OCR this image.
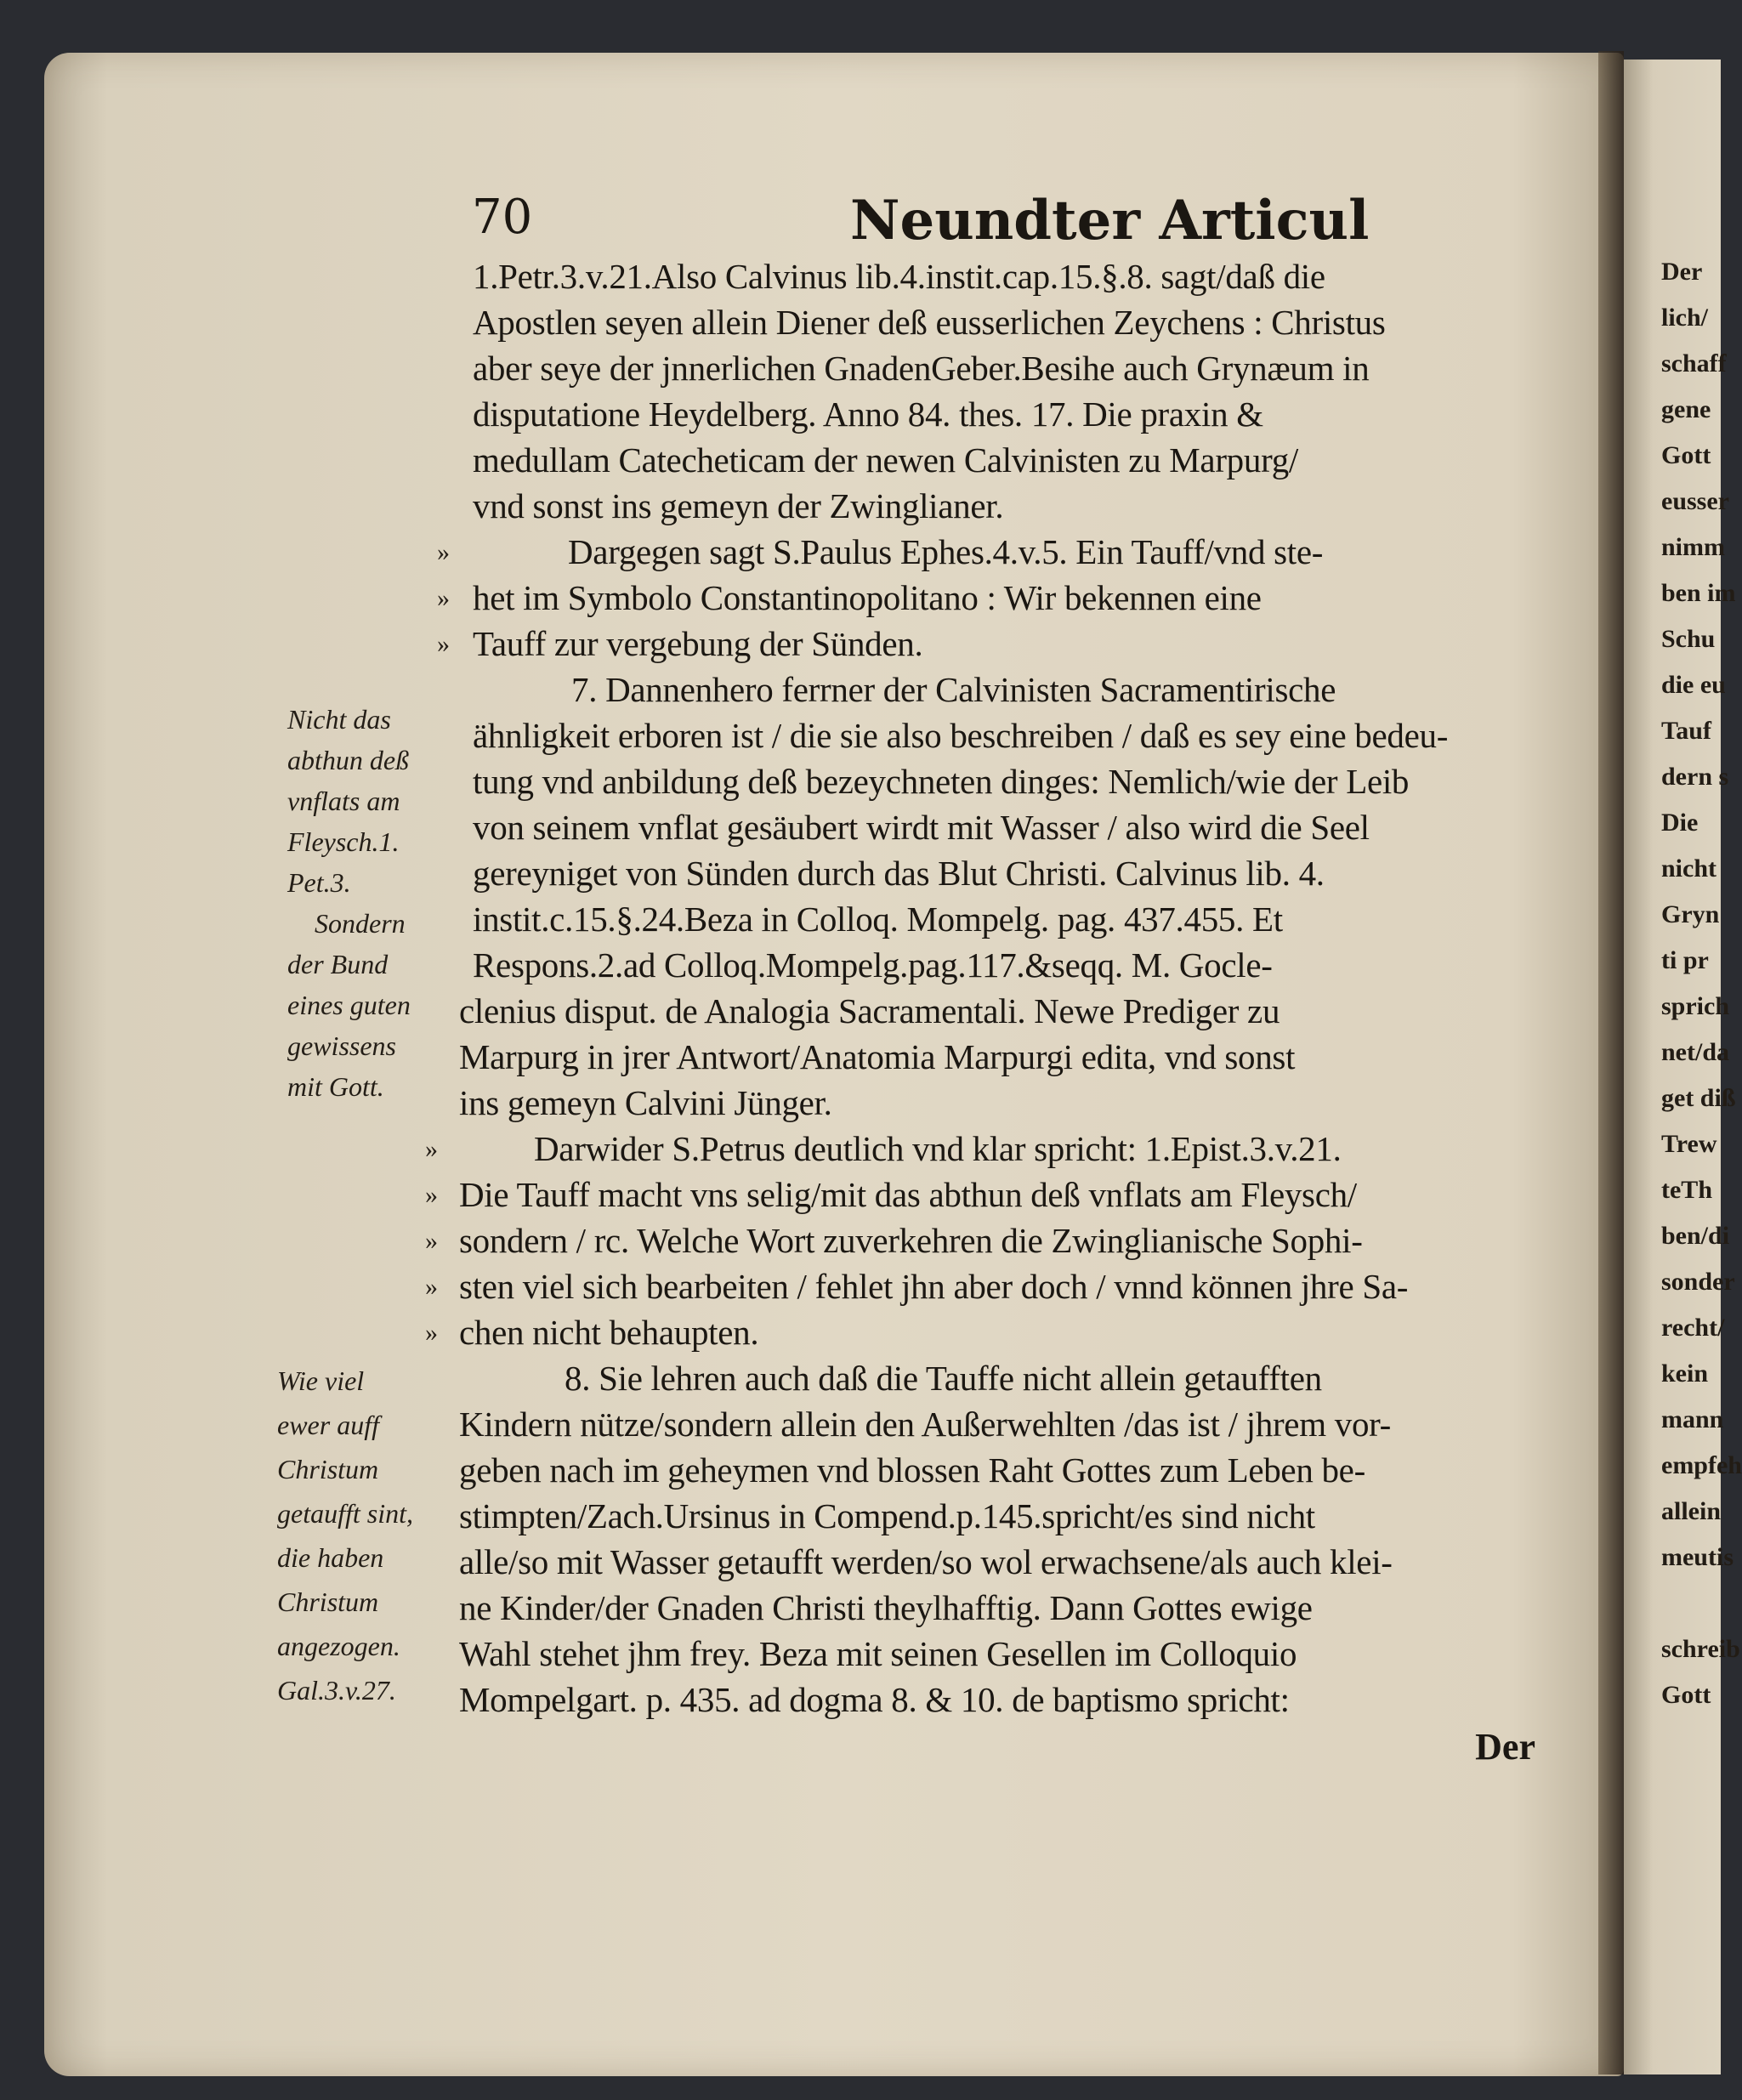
70	Neundter Articul
1.Petr.3.v.21.Also Calvinus lib.4.instit.cap.15.§.8. sagt/daß die
Apostlen seyen allein Diener deß eusserlichen Zeychens : Christus
aber seye der jnnerlichen GnadenGeber.Besihe auch Grynæum in
disputatione Heydelberg. Anno 84. thes. 17. Die praxin &
medullam Catecheticam der newen Calvinisten zu Marpurg/
vnd sonst ins gemeyn der Zwinglianer.
Dargegen sagt S.Paulus Ephes.4.v.5. Ein Tauff/vnd ste-
het im Symbolo Constantinopolitano : Wir bekennen eine
Tauff zur vergebung der Sünden.
7. Dannenhero ferrner der Calvinisten Sacramentirische
ähnligkeit erboren ist / die sie also beschreiben / daß es sey eine bedeu-
tung vnd anbildung deß bezeychneten dinges: Nemlich/wie der Leib
von seinem vnflat gesäubert wirdt mit Wasser / also wird die Seel
gereyniget von Sünden durch das Blut Christi. Calvinus lib. 4.
instit.c.15.§.24.Beza in Colloq. Mompelg. pag. 437.455. Et
Respons.2.ad Colloq.Mompelg.pag.117.&seqq. M. Gocle-
clenius disput. de Analogia Sacramentali. Newe Prediger zu
Marpurg in jrer Antwort/Anatomia Marpurgi edita, vnd sonst
ins gemeyn Calvini Jünger.
Darwider S.Petrus deutlich vnd klar spricht: 1.Epist.3.v.21.
Die Tauff macht vns selig/mit das abthun deß vnflats am Fleysch/
sondern / rc. Welche Wort zuverkehren die Zwinglianische Sophi-
sten viel sich bearbeiten / fehlet jhn aber doch / vnnd können jhre Sa-
chen nicht behaupten.
8. Sie lehren auch daß die Tauffe nicht allein getaufften
Kindern nütze/sondern allein den Außerwehlten /das ist / jhrem vor-
geben nach im geheymen vnd blossen Raht Gottes zum Leben be-
stimpten/Zach.Ursinus in Compend.p.145.spricht/es sind nicht
alle/so mit Wasser getaufft werden/so wol erwachsene/als auch klei-
ne Kinder/der Gnaden Christi theylhafftig. Dann Gottes ewige
Wahl stehet jhm frey. Beza mit seinen Gesellen im Colloquio
Mompelgart. p. 435. ad dogma 8. & 10. de baptismo spricht:
Der
»
»
»
»
»
»
»
»
Nicht das
abthun deß
vnflats am
Fleysch.1.
Pet.3.
Sondern
der Bund
eines guten
gewissens
mit Gott.
Wie viel
ewer auff
Christum
getaufft sint,
die haben
Christum
angezogen.
Gal.3.v.27.
Der
lich/
schaff
gene
Gott
eusser
nimm
ben im
Schu
die eu
Tauf
dern s
Die
nicht
Gryn
ti pr
sprich
net/da
get diß
Trew
teTh
ben/di
sonder
recht/
kein
mann
empfeh
allein
meutis
schreib
Gott
